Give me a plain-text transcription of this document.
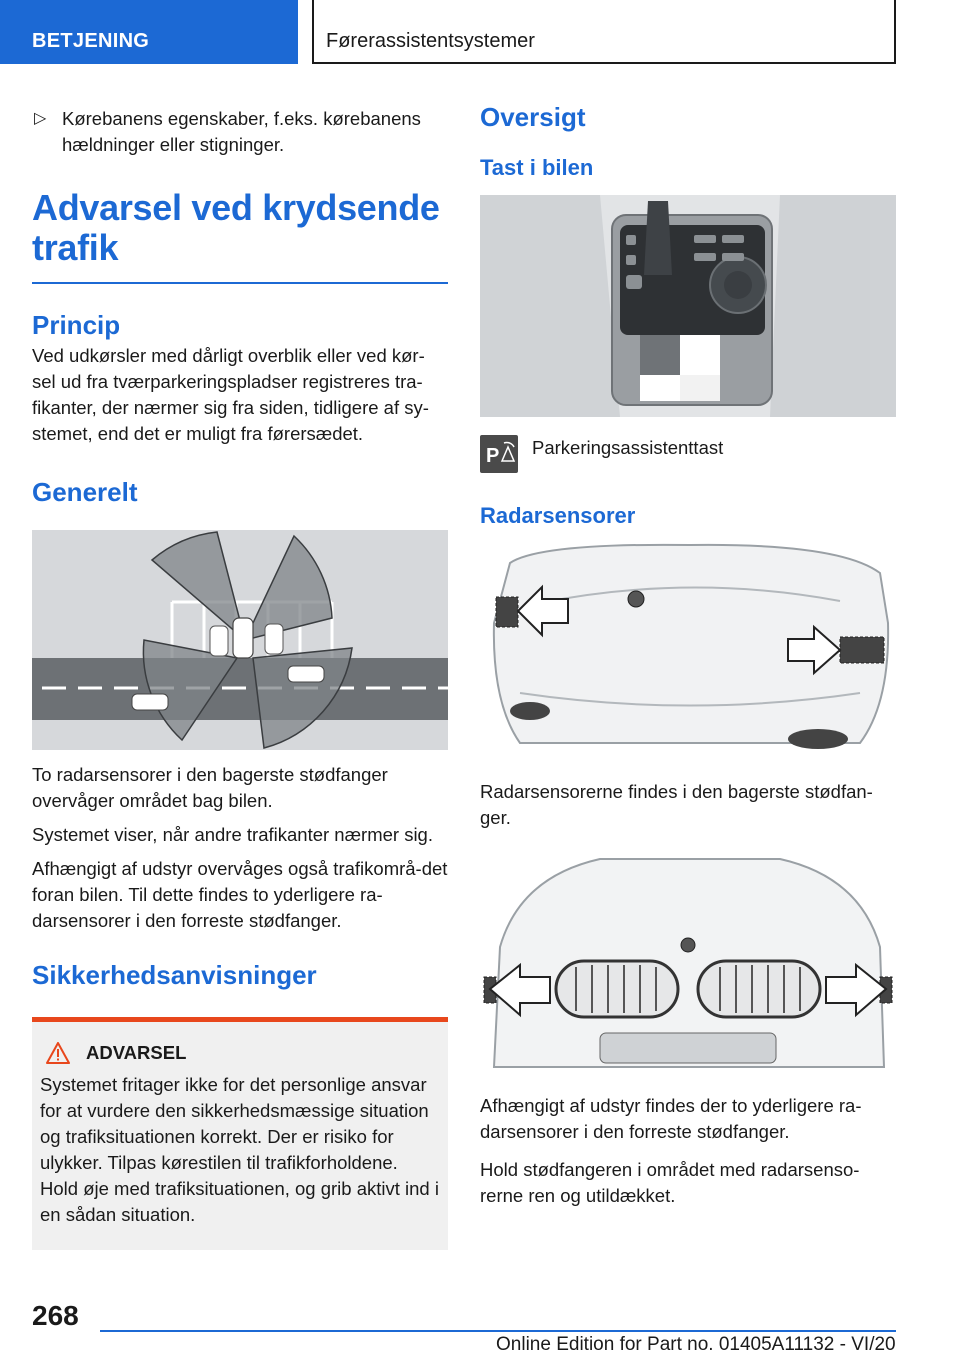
BETJENING	Førerassistentsystemer
▷ Kørebanens egenskaber, f.eks. kørebanens hældninger eller stigninger.
Advarsel ved krydsende trafik
Princip

Ved udkørsler med dårligt overblik eller ved kør-sel ud fra tværparkeringspladser registreres tra-fikanter, der nærmer sig fra siden, tidligere af sy-stemet, end det er muligt fra førersædet.

Generelt

To radarsensorer i den bagerste stødfanger overvåger området bag bilen.

Systemet viser, når andre trafikanter nærmer sig.

Afhængigt af udstyr overvåges også trafikområ-det foran bilen. Til dette findes to yderligere ra-darsensorer i den forreste stødfanger.

Sikkerhedsanvisninger
ADVARSEL
Systemet fritager ikke for det personlige ansvar for at vurdere den sikkerhedsmæssige situation og trafiksituationen korrekt. Der er risiko for ulykker. Tilpas kørestilen til trafikforholdene. Hold øje med trafiksituationen, og grib aktivt ind i en sådan situation.
Oversigt
Tast i bilen
P Parkeringsassistenttast
Radarsensorer

Radarsensorerne findes i den bagerste stødfan-ger.

Afhængigt af udstyr findes der to yderligere ra-darsensorer i den forreste stødfanger.

Hold stødfangeren i området med radarsenso-rerne ren og utildækket.

268
Online Edition for Part no. 01405A11132 - VI/20
